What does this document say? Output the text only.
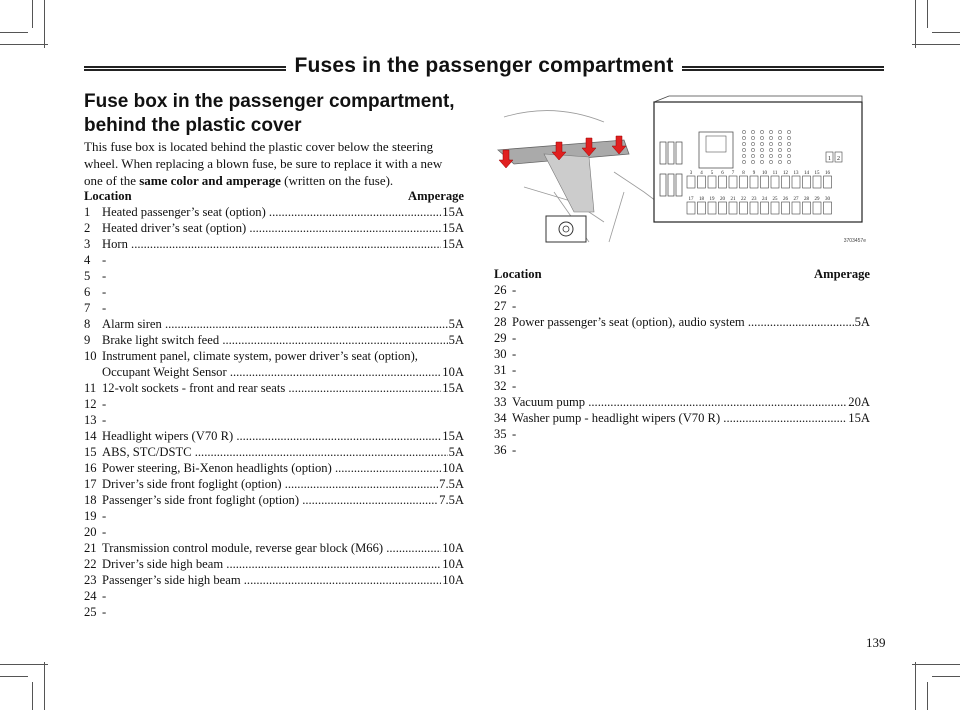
Fuses in the passenger compartment
Fuse box in the passenger compartment,
behind the plastic cover
This fuse box is located behind the plastic cover below the steering wheel. When replacing a blown fuse, be sure to replace it with a new one of the same color and amperage (written on the fuse).
Location	Amperage
1 Heated passenger’s seat (option) .....	15A
2 Heated driver’s seat (option) .....	15A
3 Horn .....	15A
4 -
5 -
6 -
7 -
8 Alarm siren .....	5A
9 Brake light switch feed .....	5A
10 Instrument panel, climate system, power driver’s seat (option),
Occupant Weight Sensor .....	10A
11 12-volt sockets - front and rear seats .....	15A
12 -
13 -
14 Headlight wipers (V70 R) .....	15A
15 ABS, STC/DSTC .....	5A
16 Power steering, Bi-Xenon headlights (option) .....	10A
17 Driver’s side front foglight (option) .....	7.5A
18 Passenger’s side front foglight (option) .....	7.5A
19 -
20 -
21 Transmission control module, reverse gear block (M66) .....	10A
22 Driver’s side high beam .....	10A
23 Passenger’s side high beam .....	10A
24 -
25 -
3 4 5 6 7 8 9 10 11 12 13 14 15 16
17 18 19 20 21 22 23 24 25 26 27 28 29 30
1 2
3703457e
Location	Amperage
26 -
27 -
28 Power passenger’s seat (option), audio system .....	5A
29 -
30 -
31 -
32 -
33 Vacuum pump .....	20A
34 Washer pump - headlight wipers (V70 R) .....	15A
35 -
36 -
139
